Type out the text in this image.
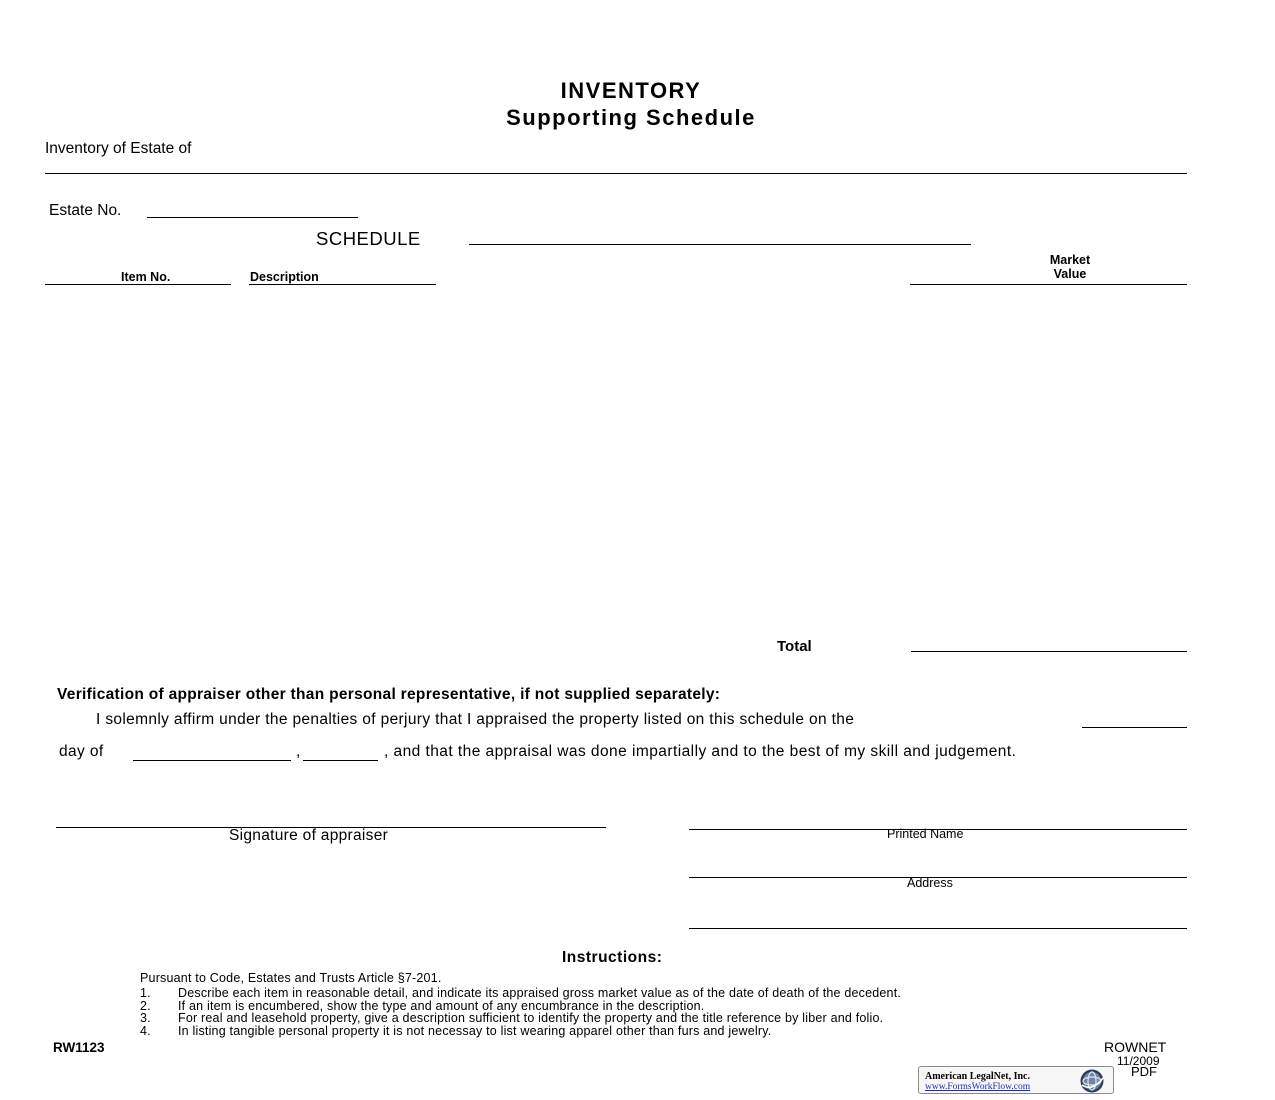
INVENTORY
Supporting Schedule
Inventory of Estate of
Estate No.
SCHEDULE
Item No.	Description
Market
Value
Total
Verification of appraiser other than personal representative, if not supplied separately:
I solemnly affirm under the penalties of perjury that I appraised the property listed on this schedule on the
day of	,	, and that the appraisal was done impartially and to the best of my skill and judgement.
Signature of appraiser	Printed Name
Address
Instructions:
Pursuant to Code, Estates and Trusts Article §7-201.
1. Describe each item in reasonable detail, and indicate its appraised gross market value as of the date of death of the decedent.
2. If an item is encumbered, show the type and amount of any encumbrance in the description.
3. For real and leasehold property, give a description sufficient to identify the property and the title reference by liber and folio.
4. In listing tangible personal property it is not necessay to list wearing apparel other than furs and jewelry.
RW1123	ROWNET
11/2009
PDF
American LegalNet, Inc.
www.FormsWorkFlow.com
